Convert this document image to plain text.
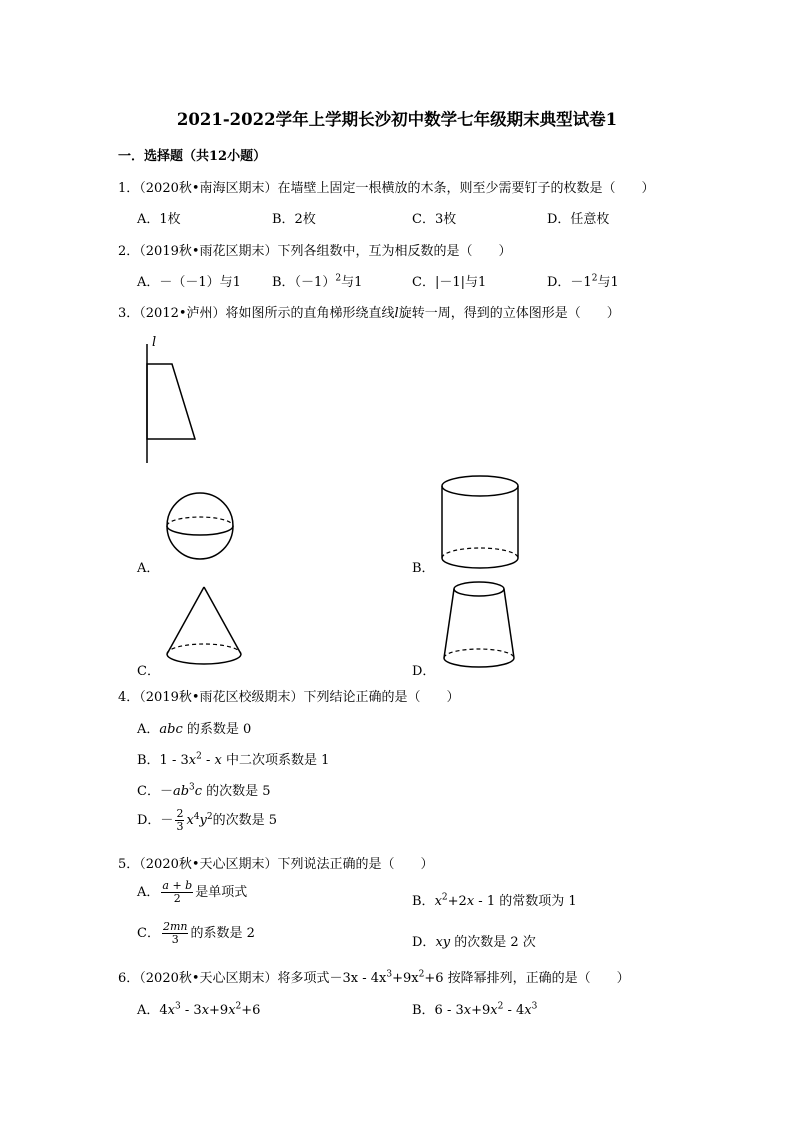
2021-2022学年上学期长沙初中数学七年级期末典型试卷1
一．选择题（共12小题）
1．（2020秋•南海区期末）在墙壁上固定一根横放的木条，则至少需要钉子的枚数是（　　）
A．1枚	B．2枚	C．3枚	D．任意枚
2．（2019秋•雨花区期末）下列各组数中，互为相反数的是（　　）
A．－（－1）与1 B．$(-1)^2$与1	C．|－1|与1	D．$-1^2$与1
3．（2012•泸州）将如图所示的直角梯形绕直线l旋转一周，得到的立体图形是（　　）
l
A．	B．
C．	D．
4．（2019秋•雨花区校级期末）下列结论正确的是（　　）
A．abc 的系数是 0
B．$1 - 3x^2$ - x 中二次项系数是 1
C．$-ab^3c$ 的次数是 5
D．－ $\frac{2}{3} x^4y^2$的次数是 5
5．（2020秋•天心区期末）下列说法正确的是（　　）
A． $\frac{a + b}{2}$ 是单项式
B．$x^2+2x - 1$ 的常数项为 1
C． $\frac{2mn}{3}$ 的系数是 2
D．xy 的次数是 2 次
6．（2020秋•天心区期末）将多项式$-3x - 4x^3+9x^2+6$ 按降幂排列，正确的是（　　）
A．$4x^3 - 3x+9x^2+6$	B．$6 - 3x+9x^2 - 4x^3$
